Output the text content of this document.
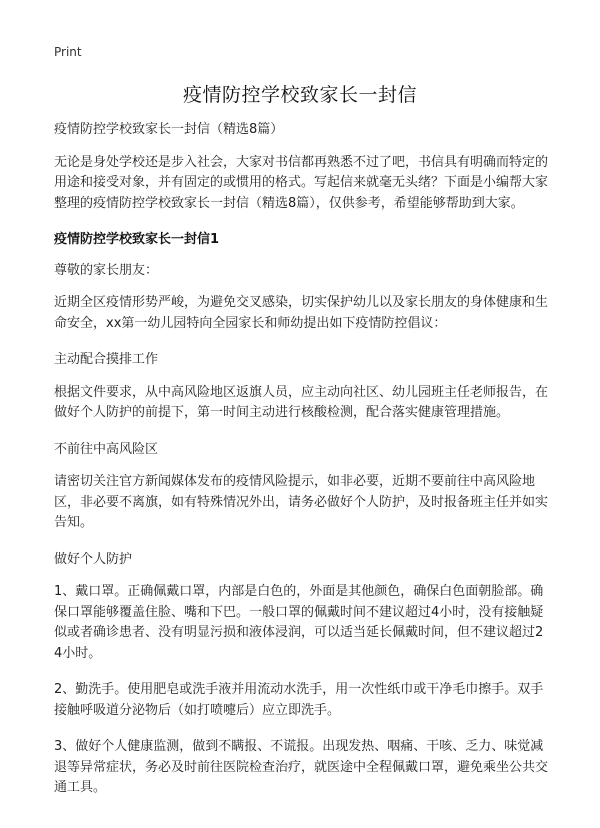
Print
疫情防控学校致家长一封信

疫情防控学校致家长一封信（精选8篇）

无论是身处学校还是步入社会，大家对书信都再熟悉不过了吧，书信具有明确而特定的用途和接受对象，并有固定的或惯用的格式。写起信来就毫无头绪？下面是小编帮大家整理的疫情防控学校致家长一封信（精选8篇），仅供参考，希望能够帮助到大家。

疫情防控学校致家长一封信1

尊敬的家长朋友：

近期全区疫情形势严峻，为避免交叉感染，切实保护幼儿以及家长朋友的身体健康和生命安全，xx第一幼儿园特向全园家长和师幼提出如下疫情防控倡议：

主动配合摸排工作

根据文件要求，从中高风险地区返旗人员，应主动向社区、幼儿园班主任老师报告，在做好个人防护的前提下，第一时间主动进行核酸检测，配合落实健康管理措施。

不前往中高风险区

请密切关注官方新闻媒体发布的疫情风险提示，如非必要，近期不要前往中高风险地区，非必要不离旗，如有特殊情况外出，请务必做好个人防护，及时报备班主任并如实告知。

做好个人防护

1、戴口罩。正确佩戴口罩，内部是白色的，外面是其他颜色，确保白色面朝脸部。确保口罩能够覆盖住脸、嘴和下巴。一般口罩的佩戴时间不建议超过4小时，没有接触疑似或者确诊患者、没有明显污损和液体浸润，可以适当延长佩戴时间，但不建议超过24小时。

2、勤洗手。使用肥皂或洗手液并用流动水洗手，用一次性纸巾或干净毛巾擦手。双手接触呼吸道分泌物后（如打喷嚏后）应立即洗手。

3、做好个人健康监测，做到不瞒报、不谎报。出现发热、咽痛、干咳、乏力、味觉减退等异常症状，务必及时前往医院检查治疗，就医途中全程佩戴口罩，避免乘坐公共交通工具。
